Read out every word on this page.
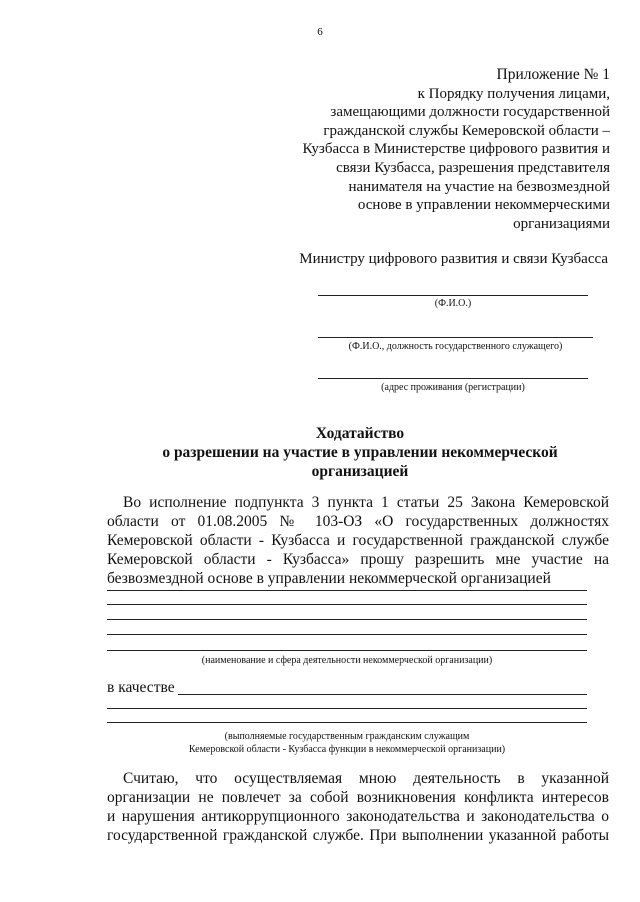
6
Приложение № 1
к Порядку получения лицами,
замещающими должности государственной
гражданской службы Кемеровской области –
Кузбасса в Министерстве цифрового развития и
связи Кузбасса, разрешения представителя
нанимателя на участие на безвозмездной
основе в управлении некоммерческими
организациями
Министру цифрового развития и связи Кузбасса
(Ф.И.О.)
(Ф.И.О., должность государственного служащего)
(адрес проживания (регистрации)
Ходатайство
о разрешении на участие в управлении некоммерческой
организацией
Во исполнение подпункта 3 пункта 1 статьи 25 Закона Кемеровской
области от 01.08.2005 № 103-ОЗ «О государственных должностях
Кемеровской области - Кузбасса и государственной гражданской службе
Кемеровской области - Кузбасса» прошу разрешить мне участие на
безвозмездной основе в управлении некоммерческой организацией
(наименование и сфера деятельности некоммерческой организации)
в качестве
(выполняемые государственным гражданским служащим
Кемеровской области - Кузбасса функции в некоммерческой организации)
Считаю, что осуществляемая мною деятельность в указанной
организации не повлечет за собой возникновения конфликта интересов
и нарушения антикоррупционного законодательства и законодательства о
государственной гражданской службе. При выполнении указанной работы
